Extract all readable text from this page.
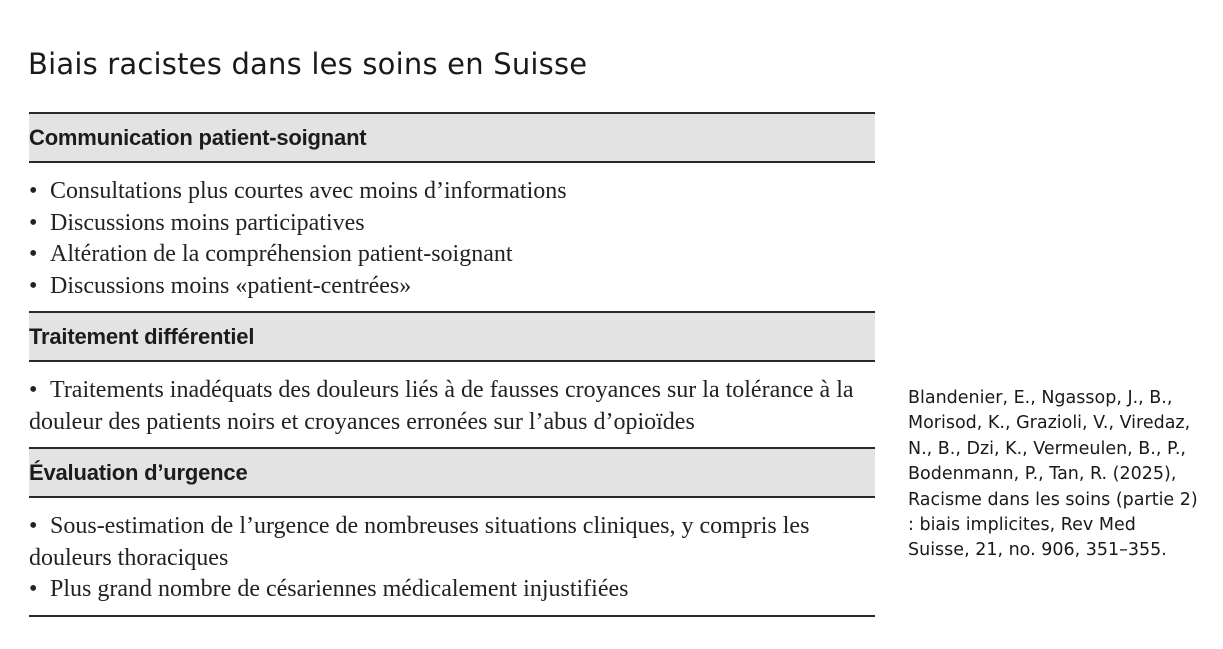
Biais racistes dans les soins en Suisse
Communication patient-soignant
• Consultations plus courtes avec moins d’informations
• Discussions moins participatives
• Altération de la compréhension patient-soignant
• Discussions moins «patient-centrées»
Traitement différentiel
• Traitements inadéquats des douleurs liés à de fausses croyances sur la tolérance à la douleur des patients noirs et croyances erronées sur l’abus d’opioïdes
Évaluation d’urgence
• Sous-estimation de l’urgence de nombreuses situations cliniques, y compris les douleurs thoraciques
• Plus grand nombre de césariennes médicalement injustifiées
Blandenier, E., Ngassop, J., B., Morisod, K., Grazioli, V., Viredaz, N., B., Dzi, K., Vermeulen, B., P., Bodenmann, P., Tan, R. (2025), Racisme dans les soins (partie 2) : biais implicites, Rev Med Suisse, 21, no. 906, 351–355.
